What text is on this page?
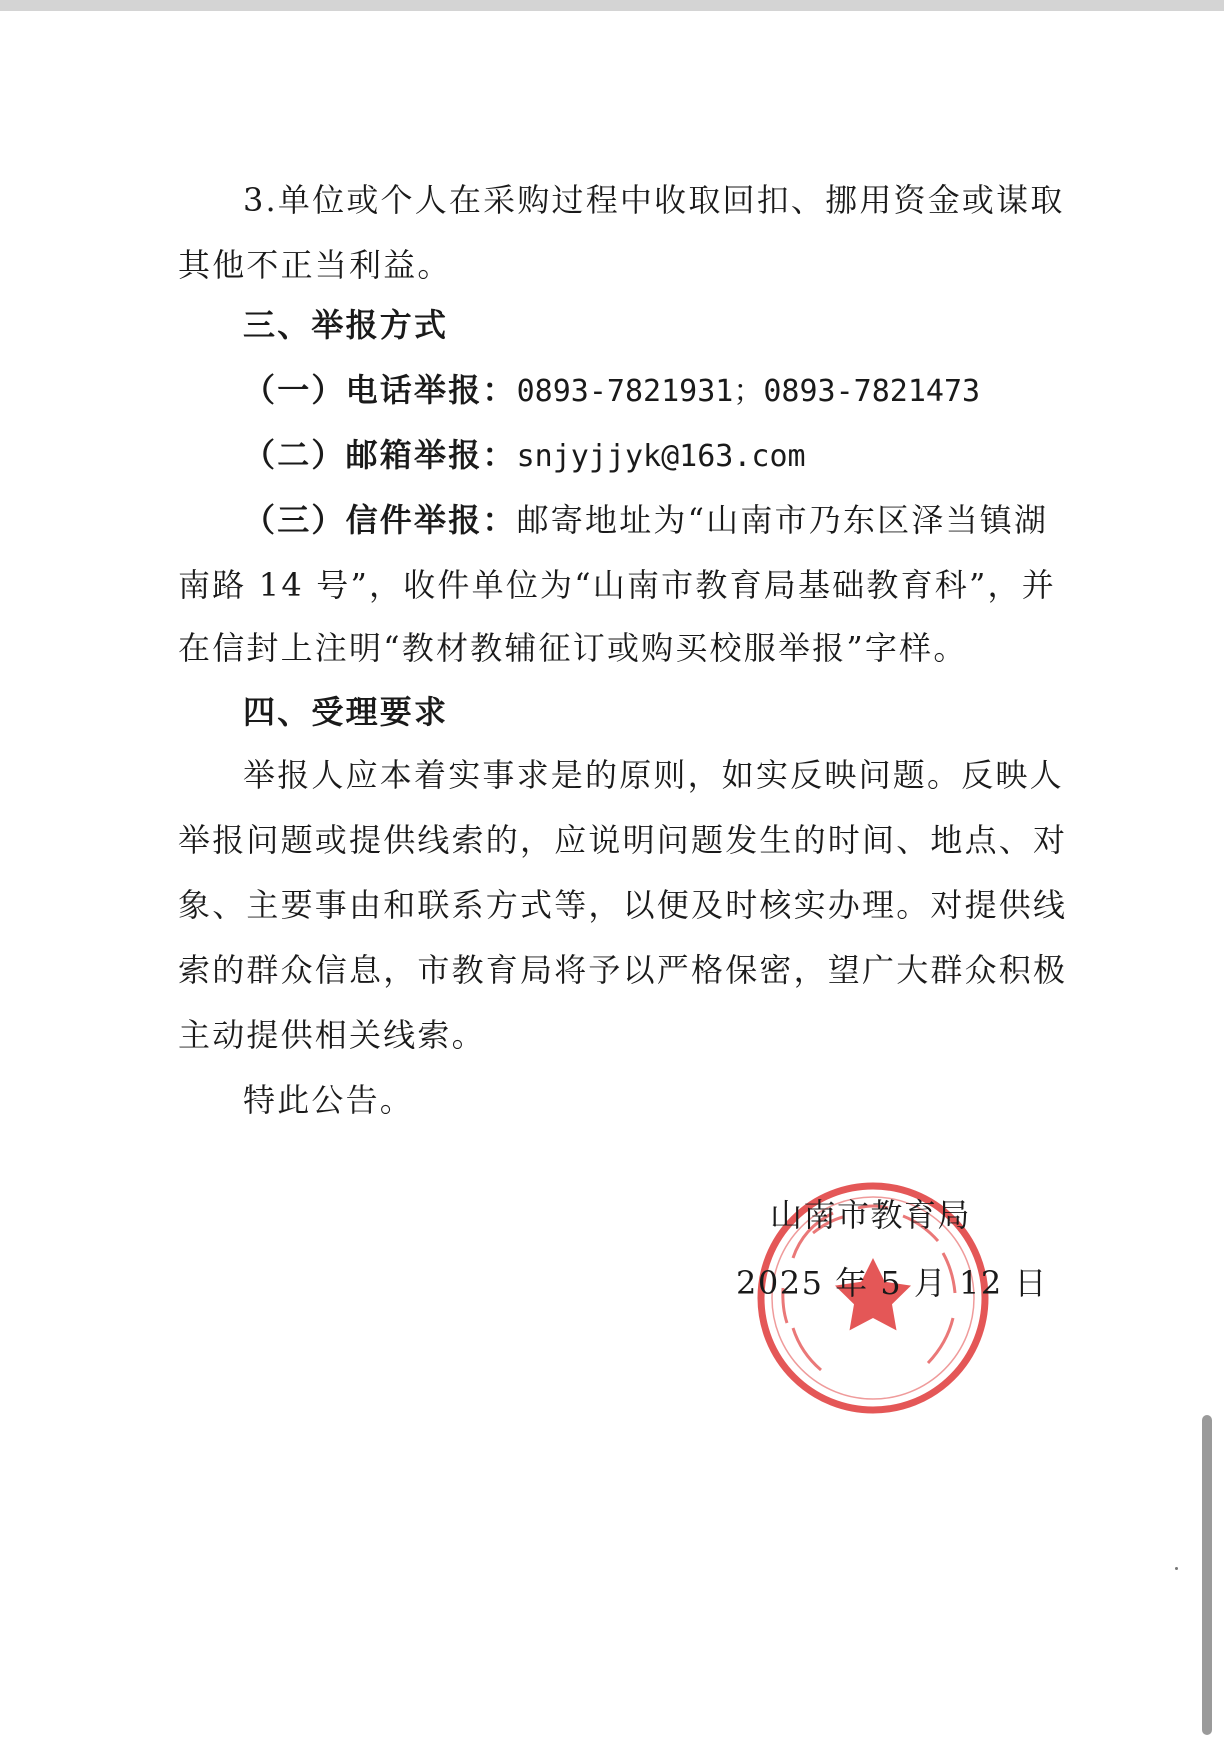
3.单位或个人在采购过程中收取回扣、挪用资金或谋取
其他不正当利益。
三、举报方式
（一）电话举报：0893-7821931；0893-7821473
（二）邮箱举报：snjyjjyk@163.com
（三）信件举报：邮寄地址为“山南市乃东区泽当镇湖
南路 14 号”，收件单位为“山南市教育局基础教育科”，并
在信封上注明“教材教辅征订或购买校服举报”字样。
四、受理要求
举报人应本着实事求是的原则，如实反映问题。反映人
举报问题或提供线索的，应说明问题发生的时间、地点、对
象、主要事由和联系方式等，以便及时核实办理。对提供线
索的群众信息，市教育局将予以严格保密，望广大群众积极
主动提供相关线索。
特此公告。
山南市教育局
2025 年 5 月 12 日
